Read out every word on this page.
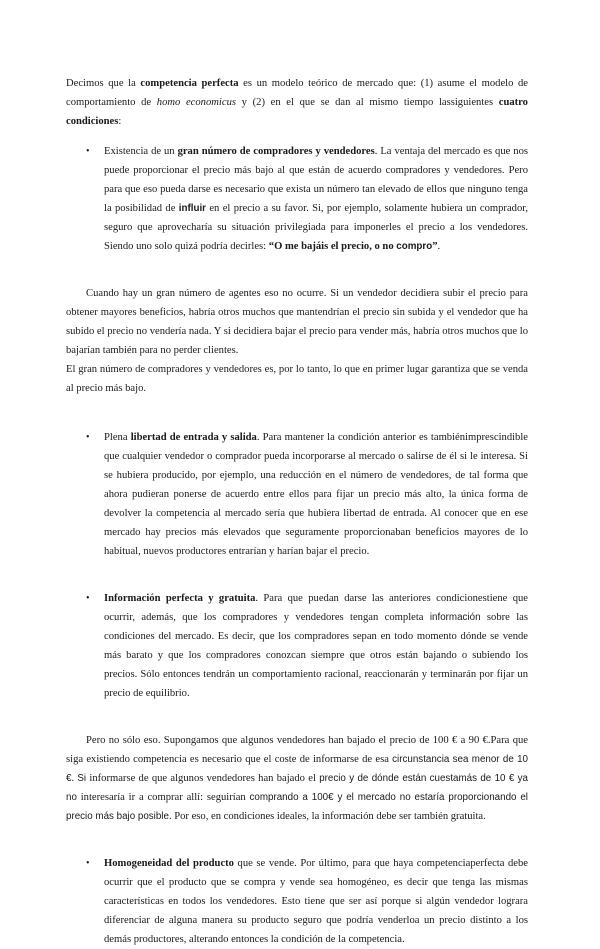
Decimos que la competencia perfecta es un modelo teórico de mercado que: (1) asume el modelo de comportamiento de homo economicus y (2) en el que se dan al mismo tiempo lassiguientes cuatro condiciones:

• Existencia de un gran número de compradores y vendedores. La ventaja del mercado es que nos puede proporcionar el precio más bajo al que están de acuerdo compradores y vendedores. Pero para que eso pueda darse es necesario que exista un número tan elevado de ellos que ninguno tenga la posibilidad de influir en el precio a su favor. Si, por ejemplo, solamente hubiera un comprador, seguro que aprovecharía su situación privilegiada para imponerles el precio a los vendedores. Siendo uno solo quizá podría decirles: “O me bajáis el precio, o no compro”.

Cuando hay un gran número de agentes eso no ocurre. Si un vendedor decidiera subir el precio para obtener mayores beneficios, habría otros muchos que mantendrían el precio sin subida y el vendedor que ha subido el precio no vendería nada. Y si decidiera bajar el precio para vender más, habría otros muchos que lo bajarían también para no perder clientes.

El gran número de compradores y vendedores es, por lo tanto, lo que en primer lugar garantiza que se venda al precio más bajo.

• Plena libertad de entrada y salida. Para mantener la condición anterior es tambiénimprescindible que cualquier vendedor o comprador pueda incorporarse al mercado o salirse de él si le interesa. Si se hubiera producido, por ejemplo, una reducción en el número de vendedores, de tal forma que ahora pudieran ponerse de acuerdo entre ellos para fijar un precio más alto, la única forma de devolver la competencia al mercado sería que hubiera libertad de entrada. Al conocer que en ese mercado hay precios más elevados que seguramente proporcionaban beneficios mayores de lo habitual, nuevos productores entrarían y harían bajar el precio.

• Información perfecta y gratuita. Para que puedan darse las anteriores condicionestiene que ocurrir, además, que los compradores y vendedores tengan completa información sobre las condiciones del mercado. Es decir, que los compradores sepan en todo momento dónde se vende más barato y que los compradores conozcan siempre que otros están bajando o subiendo los precios. Sólo entonces tendrán un comportamiento racional, reaccionarán y terminarán por fijar un precio de equilibrio.

Pero no sólo eso. Supongamos que algunos vendedores han bajado el precio de 100 € a 90 €.Para que siga existiendo competencia es necesario que el coste de informarse de esa circunstancia sea menor de 10 €. Si informarse de que algunos vendedores han bajado el precio y de dónde están cuestamás de 10 € ya no interesaría ir a comprar allí: seguirían comprando a 100€ y el mercado no estaría proporcionando el precio más bajo posible. Por eso, en condiciones ideales, la información debe ser también gratuita.

• Homogeneidad del producto que se vende. Por último, para que haya competenciaperfecta debe ocurrir que el producto que se compra y vende sea homogéneo, es decir que tenga las mismas características en todos los vendedores. Esto tiene que ser así porque si algún vendedor lograra diferenciar de alguna manera su producto seguro que podría venderloa un precio distinto a los demás productores, alterando entonces la condición de la competencia.
